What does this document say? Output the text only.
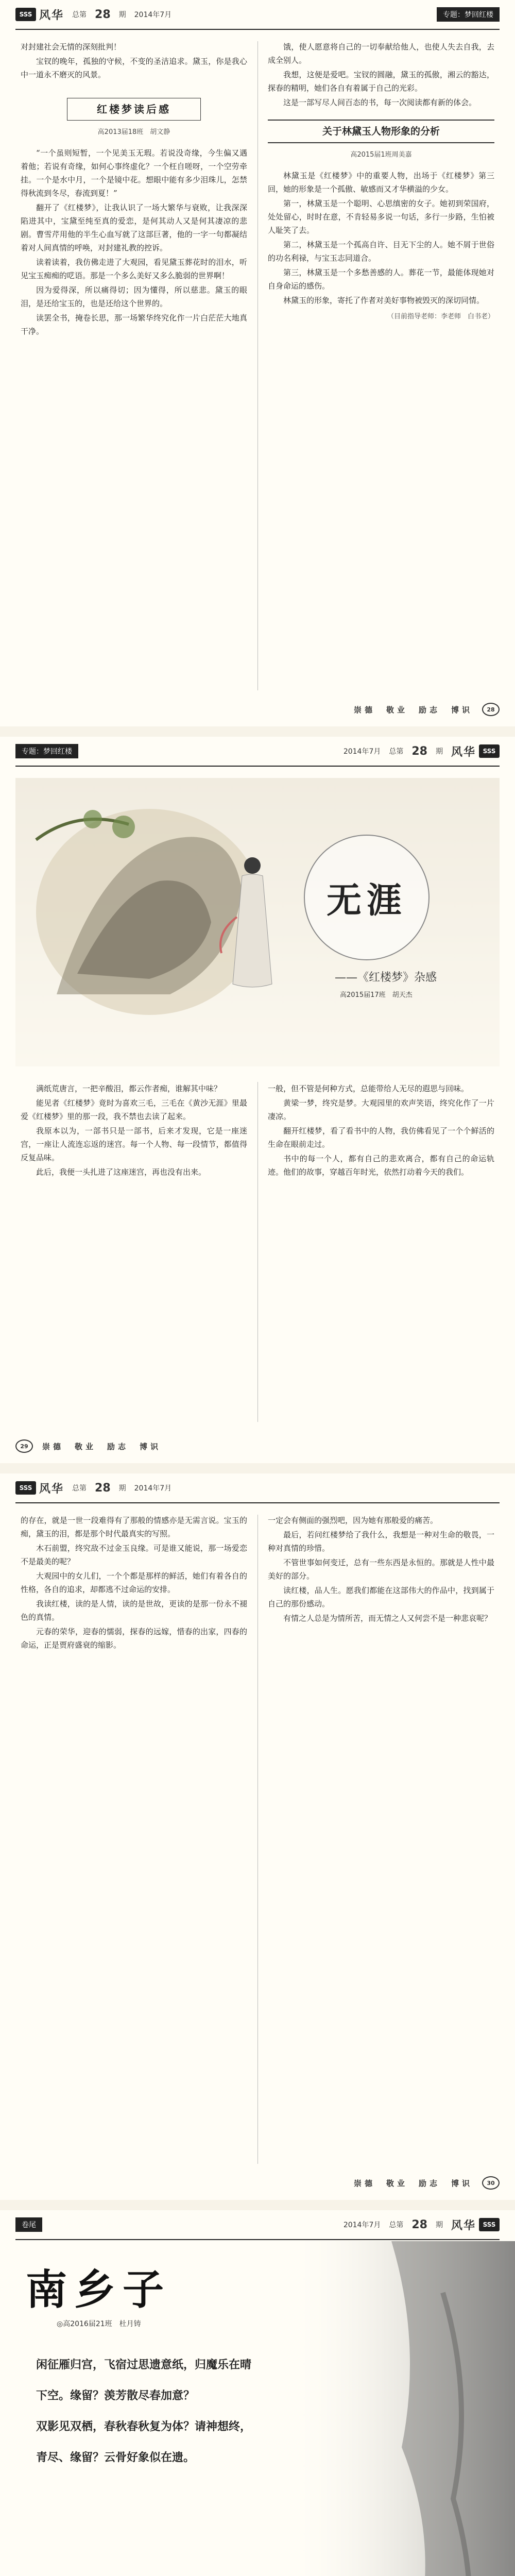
SSS 风华 总第 28 期 2014年7月	专题：梦回红楼

对封建社会无情的深刻批判！

宝钗的晚年，孤独的守候，不变的圣洁追求。黛玉，你是我心中一道永不磨灭的风景。

红楼梦读后感
高2013届18班　胡文静

“一个虽则短暂，一个见美玉无瑕。若说没奇缘，今生偏又遇着他；若说有奇缘，如何心事终虚化？一个枉自嗟呀，一个空劳牵挂。一个是水中月，一个是镜中花。想眼中能有多少泪珠儿，怎禁得秋流到冬尽，春流到夏！”

翻开了《红楼梦》，让我认识了一场大繁华与衰败，让我深深陷进其中，宝黛至纯至真的爱恋，是何其动人又是何其凄凉的悲剧。曹雪芹用他的半生心血写就了这部巨著，他的一字一句都凝结着对人间真情的呼唤，对封建礼教的控诉。

读着读着，我仿佛走进了大观园，看见黛玉葬花时的泪水，听见宝玉痴痴的呓语。那是一个多么美好又多么脆弱的世界啊！

因为爱得深，所以痛得切；因为懂得，所以慈悲。黛玉的眼泪，是还给宝玉的，也是还给这个世界的。

读罢全书，掩卷长思，那一场繁华终究化作一片白茫茫大地真干净。

饿，使人愿意将自己的一切奉献给他人，也使人失去自我，去成全别人。

我想，这便是爱吧。宝钗的圆融，黛玉的孤傲，湘云的豁达，探春的精明，她们各自有着属于自己的光彩。

这是一部写尽人间百态的书，每一次阅读都有新的体会。

关于林黛玉人物形象的分析
高2015届1班周美嘉

林黛玉是《红楼梦》中的重要人物，出场于《红楼梦》第三回，她的形象是一个孤傲、敏感而又才华横溢的少女。

第一，林黛玉是一个聪明、心思缜密的女子。她初到荣国府，处处留心，时时在意，不肯轻易多说一句话，多行一步路，生怕被人耻笑了去。

第二，林黛玉是一个孤高自许、目无下尘的人。她不屑于世俗的功名利禄，与宝玉志同道合。

第三，林黛玉是一个多愁善感的人。葬花一节，最能体现她对自身命运的感伤。

林黛玉的形象，寄托了作者对美好事物被毁灭的深切同情。

（目前指导老师：李老师　白书老）
崇德　敬业　励志　博识	28
专题：梦回红楼	2014年7月 总第 28 期 风华	SSS
无涯
——《红楼梦》杂感
高2015届17班　胡天杰

满纸荒唐言，一把辛酸泪，都云作者痴，谁解其中味？

能见者《红楼梦》竟时为喜欢三毛，三毛在《黄沙无涯》里最爱《红楼梦》里的那一段，我不禁也去读了起来。

我原本以为，一部书只是一部书，后来才发现，它是一座迷宫，一座让人流连忘返的迷宫。每一个人物、每一段情节，都值得反复品味。

此后，我便一头扎进了这座迷宫，再也没有出来。

一般，但不管是何种方式，总能带给人无尽的遐思与回味。

黄梁一梦，终究是梦。大观园里的欢声笑语，终究化作了一片凄凉。

翻开红楼梦，看了看书中的人物，我仿佛看见了一个个鲜活的生命在眼前走过。

书中的每一个人，都有自己的悲欢离合，都有自己的命运轨迹。他们的故事，穿越百年时光，依然打动着今天的我们。

29	崇德　敬业　励志　博识
SSS 风华 总第 28 期 2014年7月

的存在，就是一世一段难得有了那般的情感亦是无需言说。宝玉的痴，黛玉的泪，都是那个时代最真实的写照。

木石前盟，终究敌不过金玉良缘。可是谁又能说，那一场爱恋不是最美的呢？

大观园中的女儿们，一个个都是那样的鲜活，她们有着各自的性格，各自的追求，却都逃不过命运的安排。

我读红楼，读的是人情，读的是世故，更读的是那一份永不褪色的真情。

元春的荣华，迎春的懦弱，探春的远嫁，惜春的出家，四春的命运，正是贾府盛衰的缩影。

一定会有侧面的强烈吧，因为她有那般爱的痛苦。

最后，若问红楼梦给了我什么，我想是一种对生命的敬畏，一种对真情的珍惜。

不管世事如何变迁，总有一些东西是永恒的。那就是人性中最美好的部分。

读红楼，品人生。愿我们都能在这部伟大的作品中，找到属于自己的那份感动。

有情之人总是为情所苦，而无情之人又何尝不是一种悲哀呢？

崇德　敬业　励志　博识	30
卷尾	2014年7月 总第 28 期 风华	SSS
南乡子
◎高2016届21班　杜月铸
闲征雁归宫，飞宿过思遗意纸，归魔乐在晴
下空。缘留？羡芳散尽春加意？
双影见双栖，春秋春秋复为体？请神想终，
青尽、缘留？云骨好象似在遗。
